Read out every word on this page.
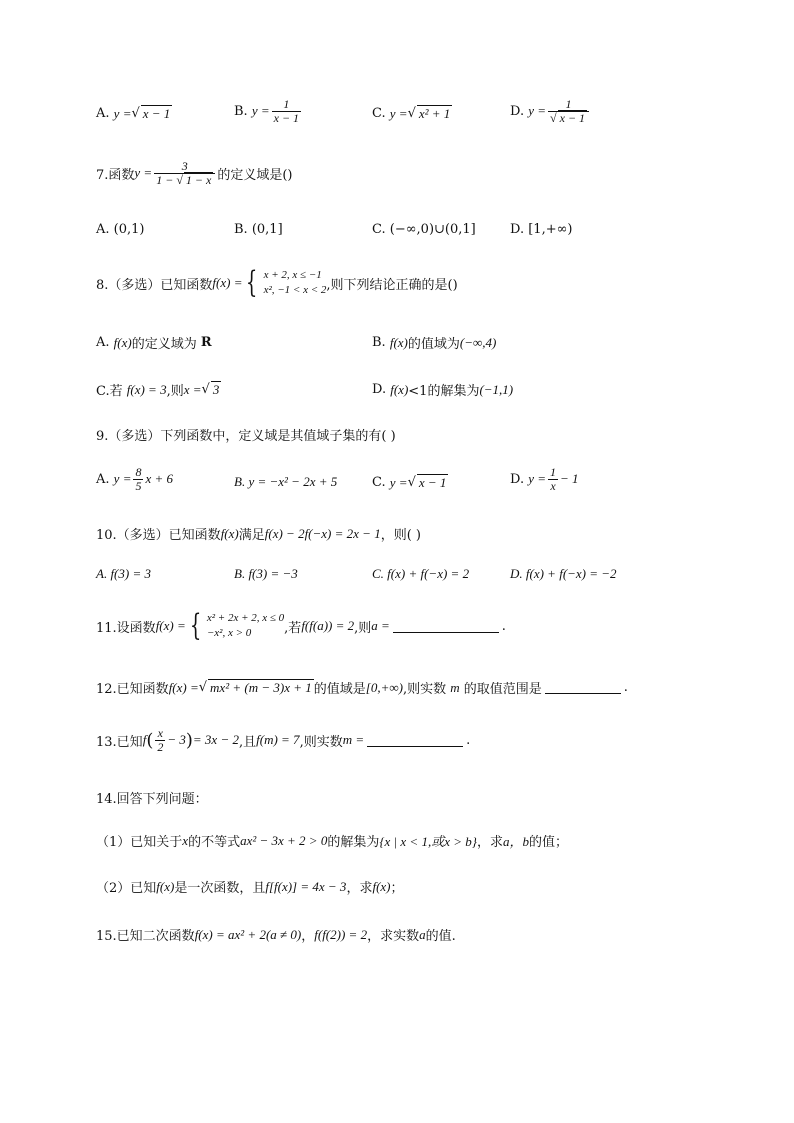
A.
y = √ x − 1	B.
$y = \frac{1}{x - 1}$	C.
y = √ x² + 1	D.
$y = \frac{1}{√ x - 1}$
7.函数 $y = \frac{3}{1 - √ 1 - x}$ 的定义域是()
A. (0,1)	B. (0,1]	C. (−∞,0)∪(0,1]	D. [1,+∞)
8.（多选）已知函数 f(x) = { x + 2, x ≤ −1
x², −1 < x < 2 ,则下列结论正确的是()
A.
f(x) 的定义域为
R	B.
f(x) 的值域为 (−∞,4)
C.若
f(x) = 3 ,则 x = √ 3	D.
f(x) <1的解集为 (−1,1)
9.（多选）下列函数中，定义域是其值域子集的有( )
A.
$y = \frac{8}{5}$ x + 6	B. y = −x² − 2x + 5	C.
y = √ x − 1	D.
$y = \frac{1}{x} - 1$
10.（多选）已知函数 f(x) 满足 f(x) − 2f(−x) = 2x − 1 ，则( )
A. f(3) = 3	B. f(3) = −3	C. f(x) + f(−x) = 2	D. f(x) + f(−x) = −2
11.设函数 f(x) = { x² + 2x + 2, x ≤ 0
−x², x > 0	,若 f(f(a)) = 2 ,则 a =	.
12.已知函数 f(x) = √ mx² + (m − 3)x + 1 的值域是 [0,+∞) ,则实数
m
的取值范围是	.
13.已知 f ( $\frac{x}{2} - 3$ ) = 3x − 2 ,且 f(m) = 7 ,则实数 m =	.
14.回答下列问题：
（1）已知关于 x 的不等式 ax² − 3x + 2 > 0 的解集为 {x | x < 1,或x > b} ，求 a，b 的值；
（2）已知 f(x) 是一次函数，且 f[f(x)] = 4x − 3 ，求 f(x) ；
15.已知二次函数 f(x) = ax² + 2(a ≠ 0) ， f(f(2)) = 2 ，求实数 a 的值.
